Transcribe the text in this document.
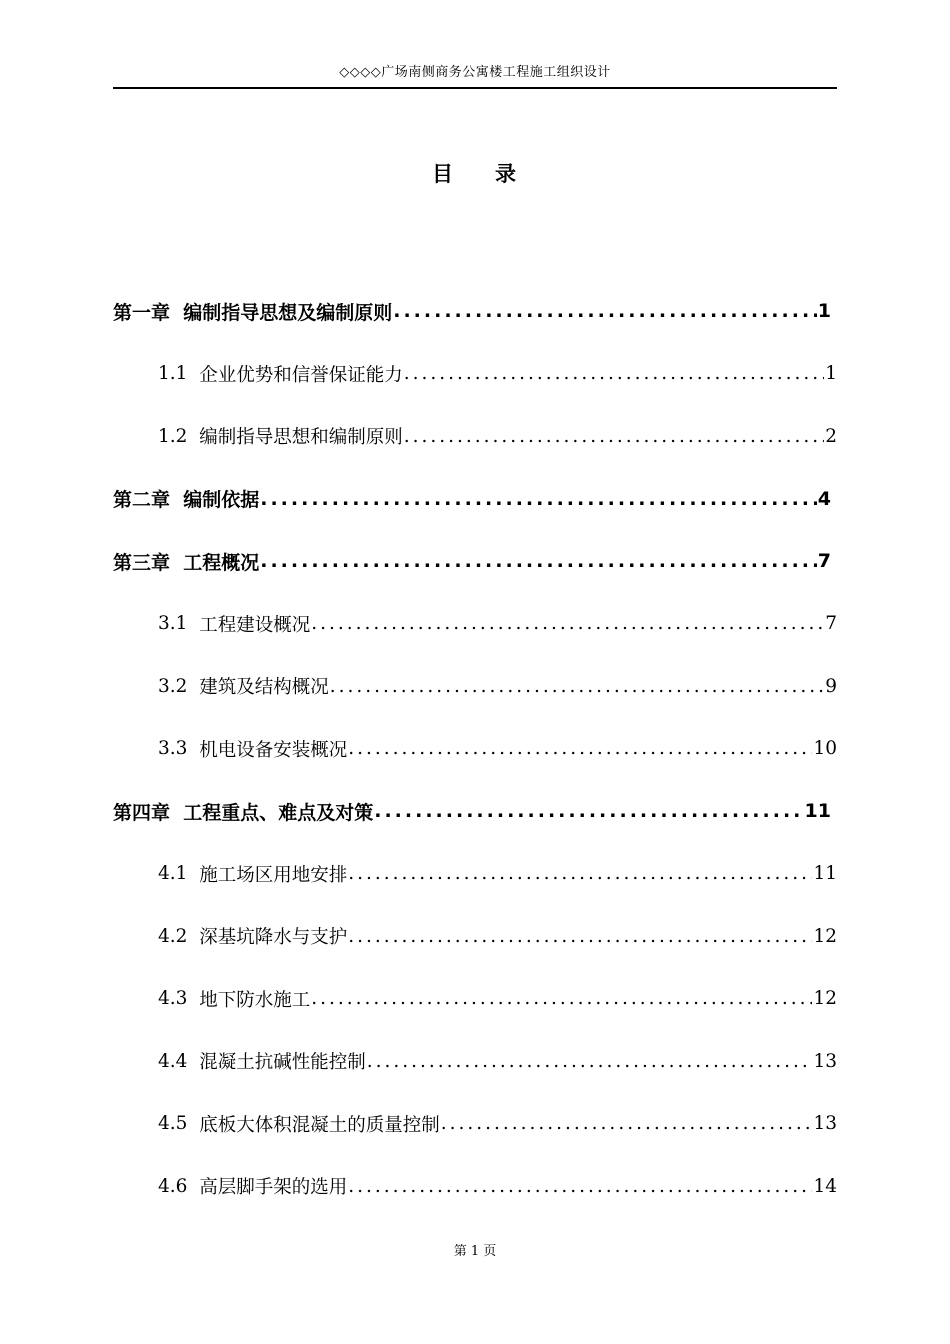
◇◇◇◇广场南侧商务公寓楼工程施工组织设计
目 录
第一章 编制指导思想及编制原则 .....	1
1.1 企业优势和信誉保证能力 .....	1
1.2 编制指导思想和编制原则 .....	2
第二章 编制依据 .....	4
第三章 工程概况 .....	7
3.1 工程建设概况 .....	7
3.2 建筑及结构概况 .....	9
3.3 机电设备安装概况 .....	10
第四章 工程重点、难点及对策 .....	11
4.1 施工场区用地安排 .....	11
4.2 深基坑降水与支护 .....	12
4.3 地下防水施工 .....	12
4.4 混凝土抗碱性能控制 .....	13
4.5 底板大体积混凝土的质量控制 .....	13
4.6 高层脚手架的选用 .....	14
第 1 页
